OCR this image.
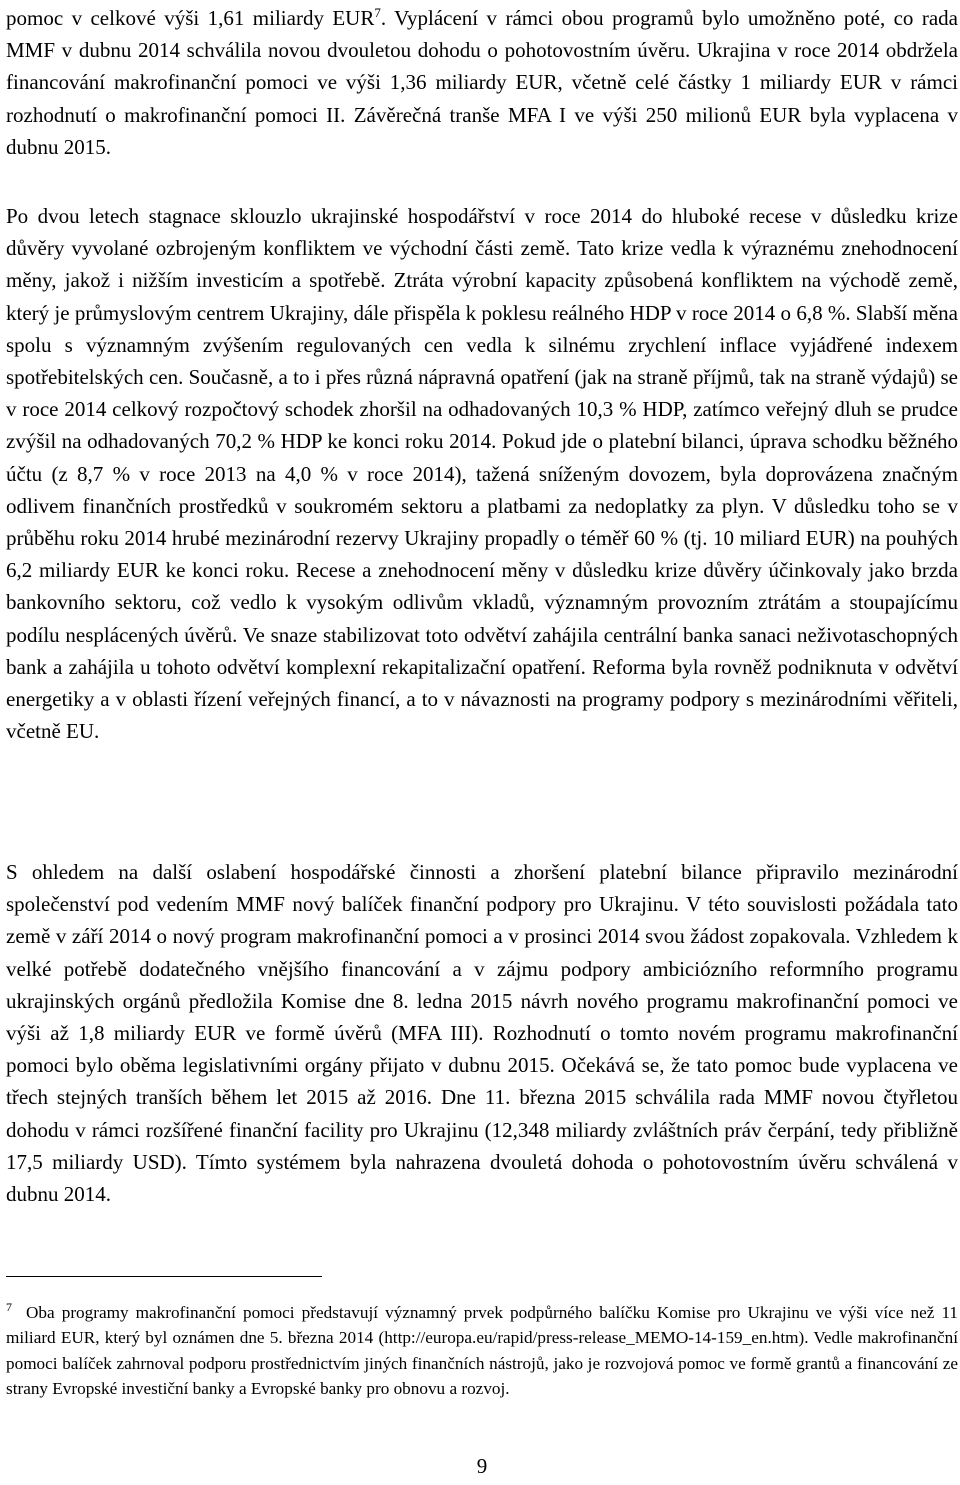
pomoc v celkové výši 1,61 miliardy EUR$^7$. Vyplácení v rámci obou programů bylo umožněno poté, co rada MMF v dubnu 2014 schválila novou dvouletou dohodu o pohotovostním úvěru. Ukrajina v roce 2014 obdržela financování makrofinanční pomoci ve výši 1,36 miliardy EUR, včetně celé částky 1 miliardy EUR v rámci rozhodnutí o makrofinanční pomoci II. Závěrečná tranše MFA I ve výši 250 milionů EUR byla vyplacena v dubnu 2015.

Po dvou letech stagnace sklouzlo ukrajinské hospodářství v roce 2014 do hluboké recese v důsledku krize důvěry vyvolané ozbrojeným konfliktem ve východní části země. Tato krize vedla k výraznému znehodnocení měny, jakož i nižším investicím a spotřebě. Ztráta výrobní kapacity způsobená konfliktem na východě země, který je průmyslovým centrem Ukrajiny, dále přispěla k poklesu reálného HDP v roce 2014 o 6,8 %. Slabší měna spolu s významným zvýšením regulovaných cen vedla k silnému zrychlení inflace vyjádřené indexem spotřebitelských cen. Současně, a to i přes různá nápravná opatření (jak na straně příjmů, tak na straně výdajů) se v roce 2014 celkový rozpočtový schodek zhoršil na odhadovaných 10,3 % HDP, zatímco veřejný dluh se prudce zvýšil na odhadovaných 70,2 % HDP ke konci roku 2014. Pokud jde o platební bilanci, úprava schodku běžného účtu (z 8,7 % v roce 2013 na 4,0 % v roce 2014), tažená sníženým dovozem, byla doprovázena značným odlivem finančních prostředků v soukromém sektoru a platbami za nedoplatky za plyn. V důsledku toho se v průběhu roku 2014 hrubé mezinárodní rezervy Ukrajiny propadly o téměř 60 % (tj. 10 miliard EUR) na pouhých 6,2 miliardy EUR ke konci roku. Recese a znehodnocení měny v důsledku krize důvěry účinkovaly jako brzda bankovního sektoru, což vedlo k vysokým odlivům vkladů, významným provozním ztrátám a stoupajícímu podílu nesplácených úvěrů. Ve snaze stabilizovat toto odvětví zahájila centrální banka sanaci neživotaschopných bank a zahájila u tohoto odvětví komplexní rekapitalizační opatření. Reforma byla rovněž podniknuta v odvětví energetiky a v oblasti řízení veřejných financí, a to v návaznosti na programy podpory s mezinárodními věřiteli, včetně EU.

S ohledem na další oslabení hospodářské činnosti a zhoršení platební bilance připravilo mezinárodní společenství pod vedením MMF nový balíček finanční podpory pro Ukrajinu. V této souvislosti požádala tato země v září 2014 o nový program makrofinanční pomoci a v prosinci 2014 svou žádost zopakovala. Vzhledem k velké potřebě dodatečného vnějšího financování a v zájmu podpory ambiciózního reformního programu ukrajinských orgánů předložila Komise dne 8. ledna 2015 návrh nového programu makrofinanční pomoci ve výši až 1,8 miliardy EUR ve formě úvěrů (MFA III). Rozhodnutí o tomto novém programu makrofinanční pomoci bylo oběma legislativními orgány přijato v dubnu 2015. Očekává se, že tato pomoc bude vyplacena ve třech stejných tranších během let 2015 až 2016. Dne 11. března 2015 schválila rada MMF novou čtyřletou dohodu v rámci rozšířené finanční facility pro Ukrajinu (12,348 miliardy zvláštních práv čerpání, tedy přibližně 17,5 miliardy USD). Tímto systémem byla nahrazena dvouletá dohoda o pohotovostním úvěru schválená v dubnu 2014.

$^7$ Oba programy makrofinanční pomoci představují významný prvek podpůrného balíčku Komise pro Ukrajinu ve výši více než 11 miliard EUR, který byl oznámen dne 5. března 2014 (http://europa.eu/rapid/press-release_MEMO-14-159_en.htm). Vedle makrofinanční pomoci balíček zahrnoval podporu prostřednictvím jiných finančních nástrojů, jako je rozvojová pomoc ve formě grantů a financování ze strany Evropské investiční banky a Evropské banky pro obnovu a rozvoj.

9
